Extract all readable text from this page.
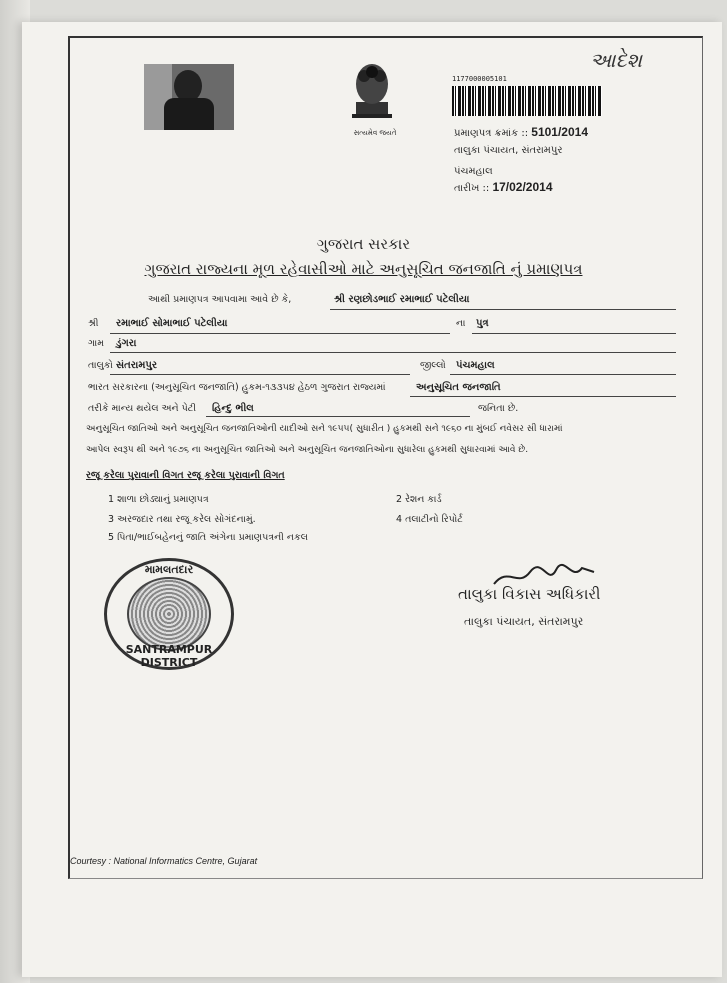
સત્યમેવ જયતે
આદેશ
1177000005101
પ્રમાણપત્ર ક્રમાંક :: 5101/2014
તાલુકા પંચાયત, સંતરામપુર
પંચમહાલ
તારીખ :: 17/02/2014
ગુજરાત સરકાર
ગુજરાત રાજ્યના મૂળ રહેવાસીઓ માટે અનુસૂચિત જનજાતિ નું પ્રમાણપત્ર
આથી પ્રમાણપત્ર આપવામા આવે છે કે,	શ્રી રણછોડભાઈ રમાભાઈ પટેલીયા
શ્રી રમાભાઈ સોમાભાઈ પટેલીયા	ના પુત્ર
ગામ ડુંગરા
તાલુકો સંતરામપુર	જીલ્લો પંચમહાલ
ભારત સરકારના (અનુસૂચિત જનજાતિ) હુકમ-૧૩૩૫૪ હેઠળ ગુજરાત રાજ્યમાં	અનુસૂચિત જનજાતિ
તરીકે માન્ય થયેલ અને પેટી હિન્દુ ભીલ	જનિતા છે.
અનુસૂચિત જાતિઓ અને અનુસૂચિત જનજાતિઓની યાદીઓ સને ૧૯૫૫( સુધારીત ) હુકમથી સને ૧૯૬૦ ના મુંબઈ નવેસર સી ધારામાં
આપેલ સ્વરૂપ થી અને ૧૯૭૬ ના અનુસૂચિત જાતિઓ અને અનુસૂચિત જનજાતિઓના સુધારેલા હુકમથી સુધારવામાં આવે છે.
રજૂ કરેલા પુરાવાની વિગત રજૂ કરેલા પુરાવાની વિગત
1 શાળા છોડ્યાનું પ્રમાણપત્ર	2 રેશન કાર્ડ
3 અરજદાર તથા રજૂ કરેલ સોગંદનામું.	4 તલાટીનો રિપોર્ટ
5 પિતા/ભાઈબહેનનું જાતિ અંગેના પ્રમાણપત્રની નકલ
મામલતદાર
SANTRAMPUR DISTRICT
તાલુકા વિકાસ અધિકારી
તાલુકા પંચાયત, સંતરામપુર
Courtesy : National Informatics Centre, Gujarat
